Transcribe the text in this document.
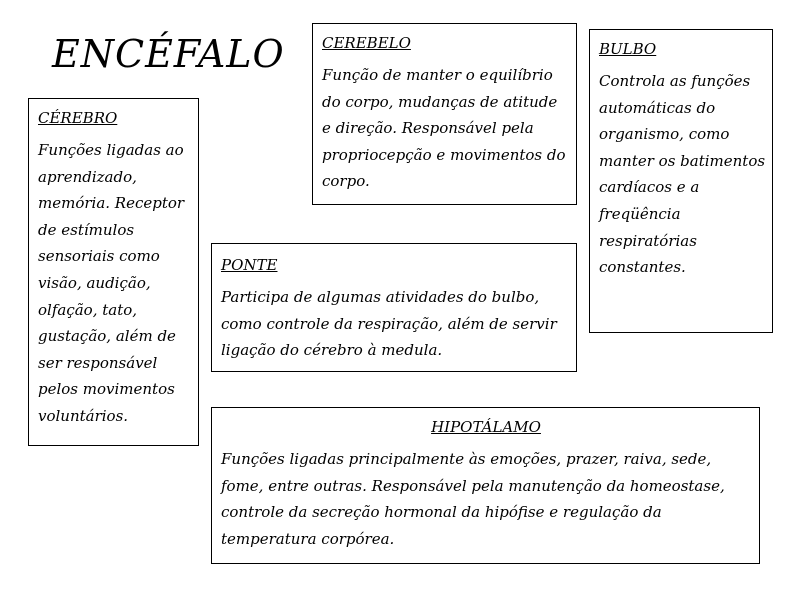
ENCÉFALO
CÉREBRO
Funções ligadas ao aprendizado, memória. Receptor de estímulos sensoriais como visão, audição, olfação, tato, gustação, além de ser responsável pelos movimentos voluntários.
CEREBELO
Função de manter o equilíbrio do corpo, mudanças de atitude e direção. Responsável pela propriocepção e movimentos do corpo.
BULBO
Controla as funções automáticas do organismo, como manter os batimentos cardíacos e a freqüência respiratórias constantes.
PONTE
Participa de algumas atividades do bulbo, como controle da respiração, além de servir ligação do cérebro à medula.
HIPOTÁLAMO
Funções ligadas principalmente às emoções, prazer, raiva, sede, fome, entre outras. Responsável pela manutenção da homeostase, controle da secreção hormonal da hipófise e regulação da temperatura corpórea.
